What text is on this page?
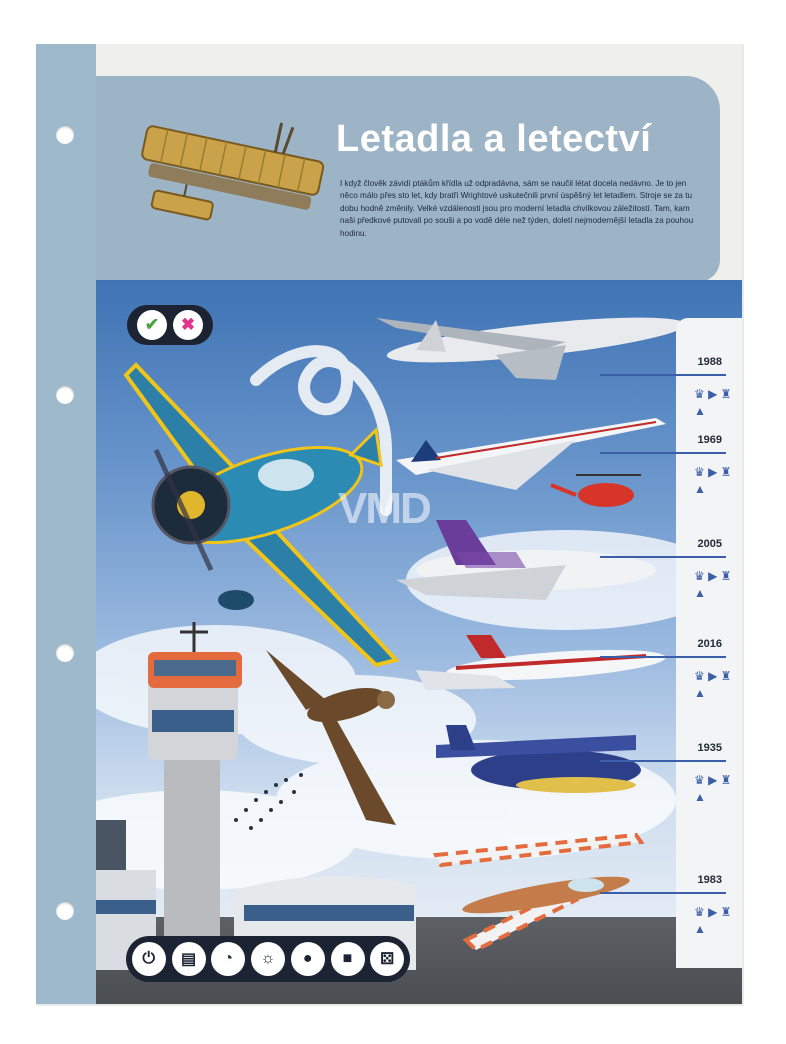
Letadla a letectví

I když člověk závidí ptákům křídla už odpradávna, sám se naučil létat docela nedávno. Je to jen něco málo přes sto let, kdy bratři Wrightové uskutečnili první úspěšný let letadlem. Stroje se za tu dobu hodně změnily. Velké vzdálenosti jsou pro moderní letadla chvilkovou záležitostí. Tam, kam naši předkové putovali po souši a po vodě déle než týden, doletí nejmodernější letadla za pouhou hodinu.

VMD
✔	✖
1988
♛ ▶ ♜ ▲
1969
♛ ▶ ♜ ▲
2005
♛ ▶ ♜ ▲
2016
♛ ▶ ♜ ▲
1935
♛ ▶ ♜ ▲
1983
♛ ▶ ♜ ▲
⏻	▤	◔	☼	●	■	⚄
